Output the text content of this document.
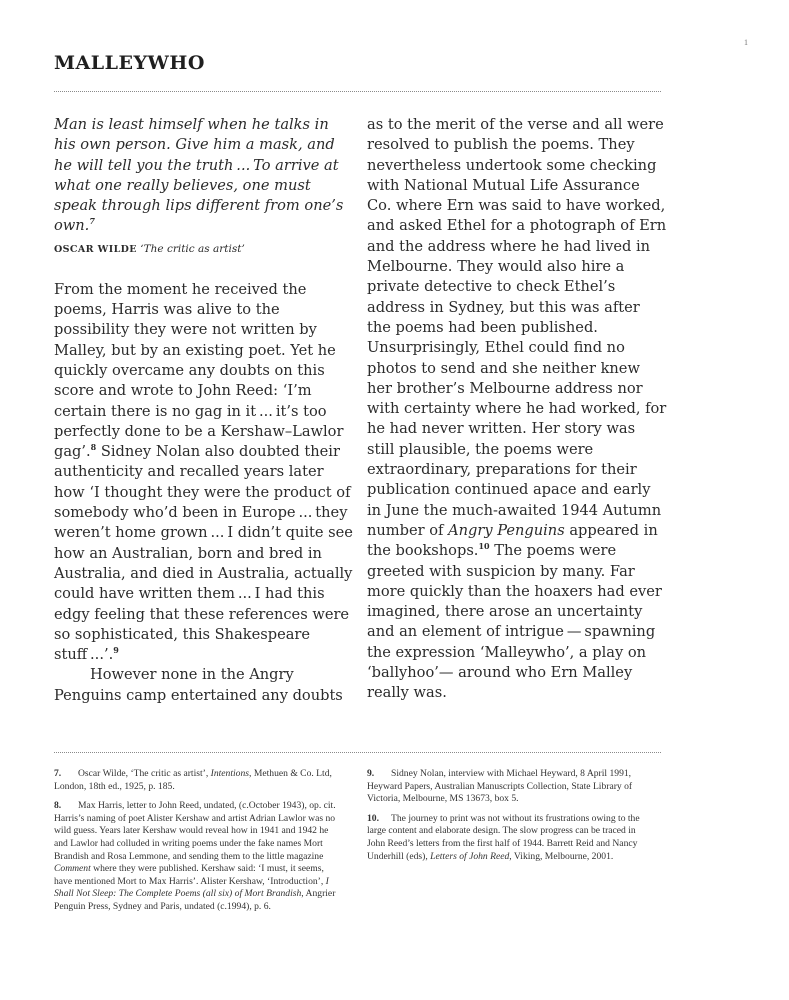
1
MALLEYWHO

Man is least himself when he talks in his own person. Give him a mask, and he will tell you the truth ... To arrive at what one really believes, one must speak through lips different from one’s own.$^7$

OSCAR WILDE ‘The critic as artist’

From the moment he received the poems, Harris was alive to the possibility they were not written by Malley, but by an existing poet. Yet he quickly overcame any doubts on this score and wrote to John Reed: ‘I’m certain there is no gag in it ... it’s too perfectly done to be a Kershaw–Lawlor gag’.$^8$ Sidney Nolan also doubted their authenticity and recalled years later how ‘I thought they were the product of somebody who’d been in Europe ... they weren’t home grown ... I didn’t quite see how an Australian, born and bred in Australia, and died in Australia, actually could have written them ... I had this edgy feeling that these references were so sophisticated, this Shakespeare stuff ...’.$^9$

However none in the Angry Penguins camp entertained any doubts

as to the merit of the verse and all were resolved to publish the poems. They nevertheless undertook some checking with National Mutual Life Assurance Co. where Ern was said to have worked, and asked Ethel for a photograph of Ern and the address where he had lived in Melbourne. They would also hire a private detective to check Ethel’s address in Sydney, but this was after the poems had been published. Unsurprisingly, Ethel could find no photos to send and she neither knew her brother’s Melbourne address nor with certainty where he had worked, for he had never written. Her story was still plausible, the poems were extraordinary, preparations for their publication continued apace and early in June the much-awaited 1944 Autumn number of Angry Penguins appeared in the bookshops.$^{10}$ The poems were greeted with suspicion by many. Far more quickly than the hoaxers had ever imagined, there arose an uncertainty and an element of intrigue — spawning the expression ‘Malleywho’, a play on ‘ballyhoo’— around who Ern Malley really was.

7. Oscar Wilde, ‘The critic as artist’, Intentions, Methuen & Co. Ltd, London, 18th ed., 1925, p. 185.

8. Max Harris, letter to John Reed, undated, (c.October 1943), op. cit. Harris’s naming of poet Alister Kershaw and artist Adrian Lawlor was no wild guess. Years later Kershaw would reveal how in 1941 and 1942 he and Lawlor had colluded in writing poems under the fake names Mort Brandish and Rosa Lemmone, and sending them to the little magazine Comment where they were published. Kershaw said: ‘I must, it seems, have mentioned Mort to Max Harris’. Alister Kershaw, ‘Introduction’, I Shall Not Sleep: The Complete Poems (all six) of Mort Brandish, Angrier Penguin Press, Sydney and Paris, undated (c.1994), p. 6.

9. Sidney Nolan, interview with Michael Heyward, 8 April 1991, Heyward Papers, Australian Manuscripts Collection, State Library of Victoria, Melbourne, MS 13673, box 5.

10. The journey to print was not without its frustrations owing to the large content and elaborate design. The slow progress can be traced in John Reed’s letters from the first half of 1944. Barrett Reid and Nancy Underhill (eds), Letters of John Reed, Viking, Melbourne, 2001.
